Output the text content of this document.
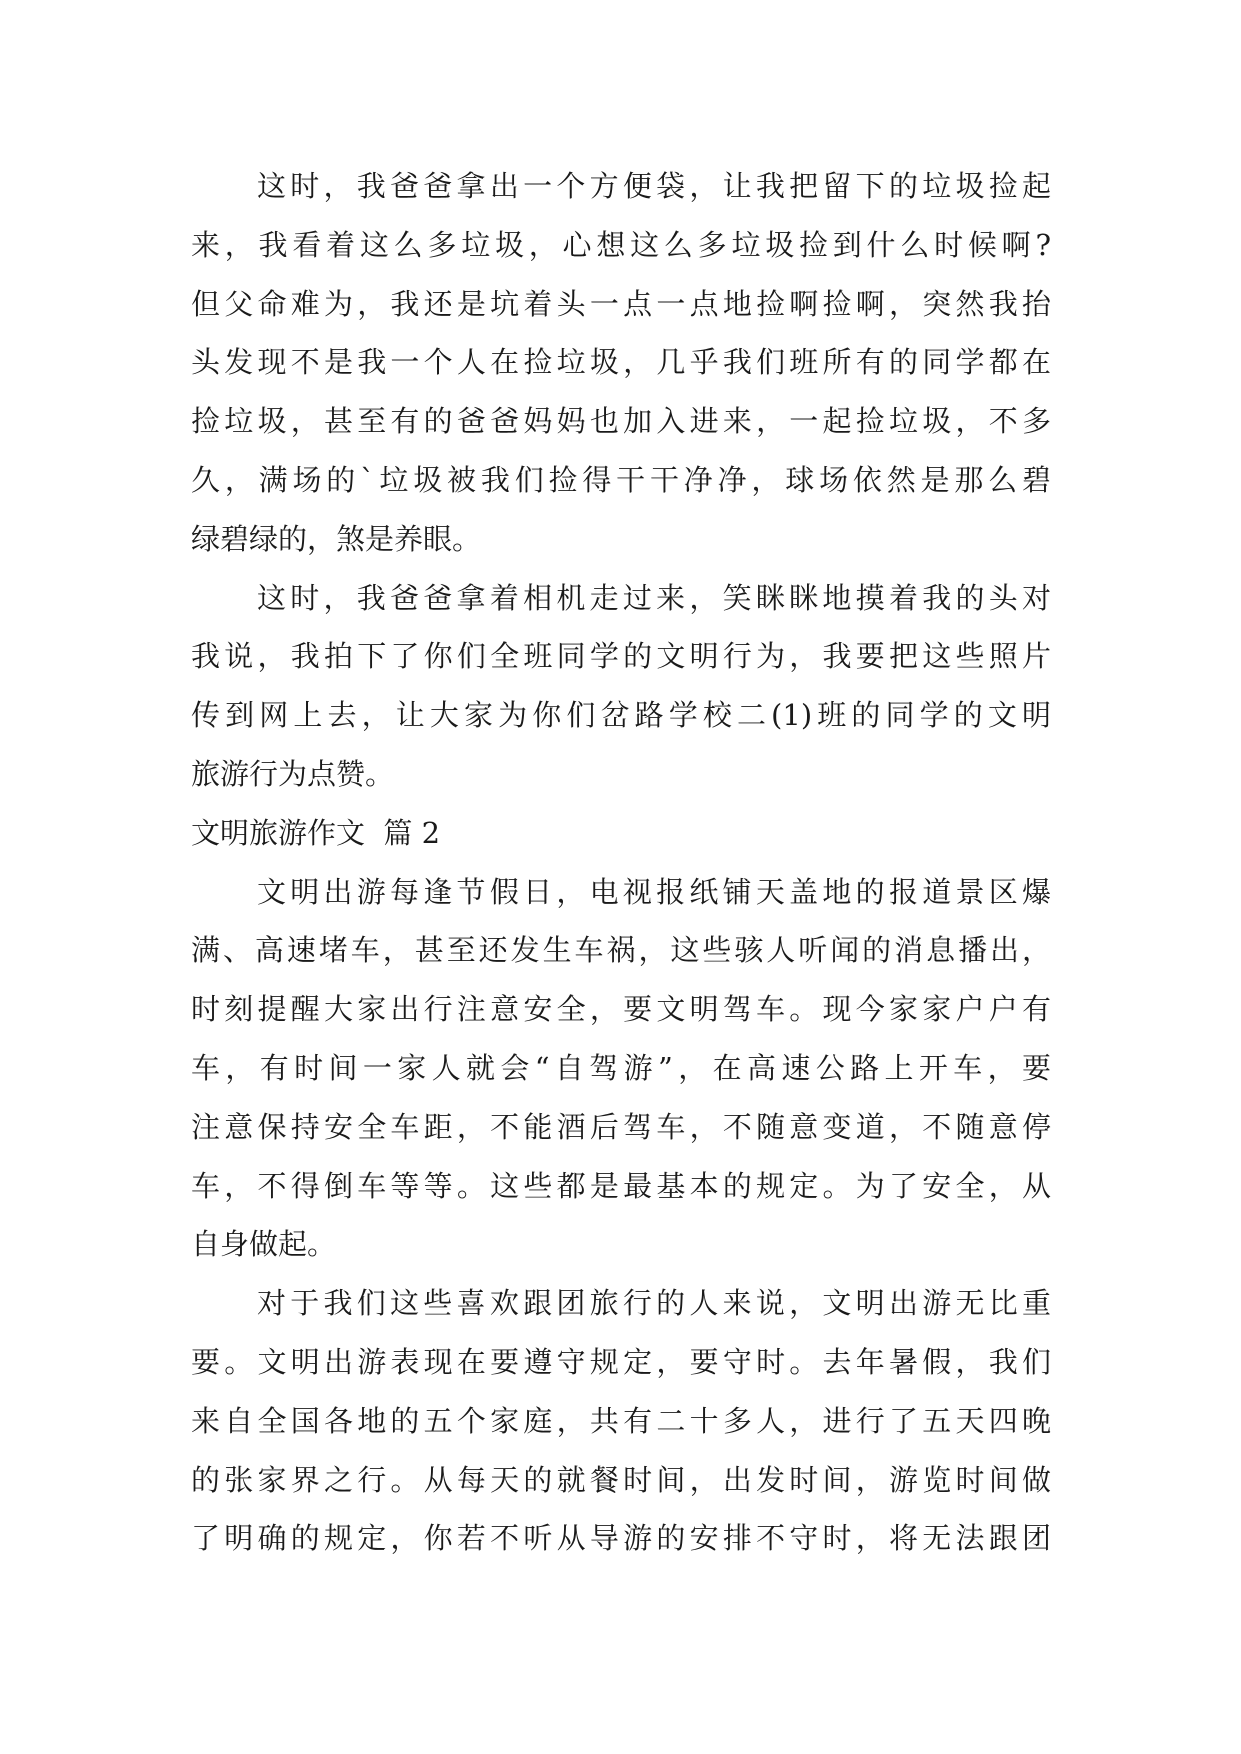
这时，我爸爸拿出一个方便袋，让我把留下的垃圾捡起
来，我看着这么多垃圾，心想这么多垃圾捡到什么时候啊?
但父命难为，我还是坑着头一点一点地捡啊捡啊，突然我抬
头发现不是我一个人在捡垃圾，几乎我们班所有的同学都在
捡垃圾，甚至有的爸爸妈妈也加入进来，一起捡垃圾，不多
久，满场的`垃圾被我们捡得干干净净，球场依然是那么碧
绿碧绿的，煞是养眼。
这时，我爸爸拿着相机走过来，笑眯眯地摸着我的头对
我说，我拍下了你们全班同学的文明行为，我要把这些照片
传到网上去，让大家为你们岔路学校二(1)班的同学的文明
旅游行为点赞。
文明旅游作文  篇 2
文明出游每逢节假日，电视报纸铺天盖地的报道景区爆
满、高速堵车，甚至还发生车祸，这些骇人听闻的消息播出，
时刻提醒大家出行注意安全，要文明驾车。现今家家户户有
车，有时间一家人就会“自驾游”，在高速公路上开车，要
注意保持安全车距，不能酒后驾车，不随意变道，不随意停
车，不得倒车等等。这些都是最基本的规定。为了安全，从
自身做起。
对于我们这些喜欢跟团旅行的人来说，文明出游无比重
要。文明出游表现在要遵守规定，要守时。去年暑假，我们
来自全国各地的五个家庭，共有二十多人，进行了五天四晚
的张家界之行。从每天的就餐时间，出发时间，游览时间做
了明确的规定，你若不听从导游的安排不守时，将无法跟团
